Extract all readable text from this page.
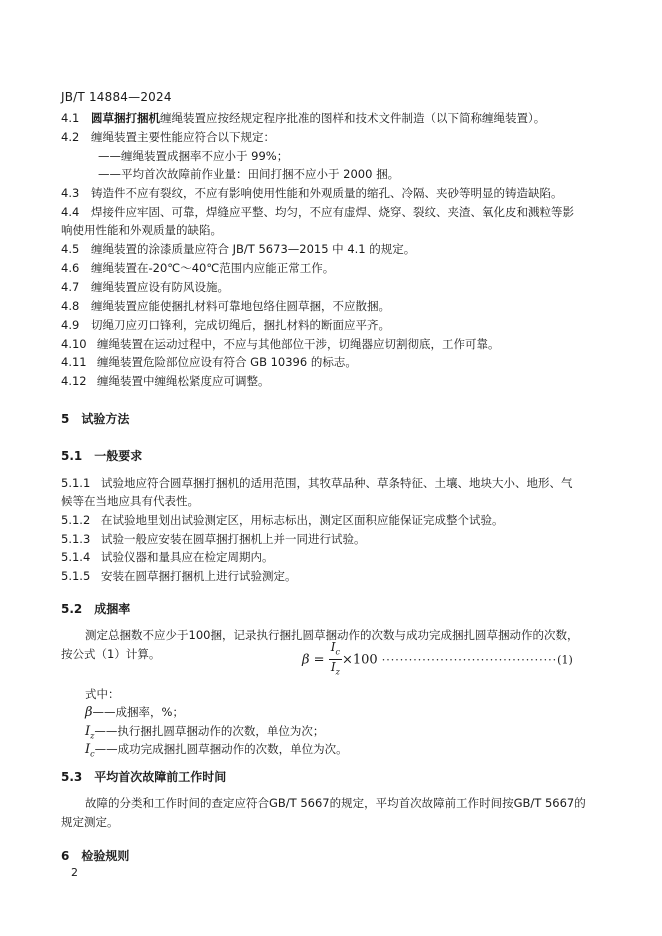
JB/T 14884—2024
4.1 圆草捆打捆机缠绳装置应按经规定程序批准的图样和技术文件制造（以下简称缠绳装置）。
4.2 缠绳装置主要性能应符合以下规定：
——缠绳装置成捆率不应小于 99%；
——平均首次故障前作业量：田间打捆不应小于 2000 捆。
4.3 铸造件不应有裂纹，不应有影响使用性能和外观质量的缩孔、冷隔、夹砂等明显的铸造缺陷。
4.4 焊接件应牢固、可靠，焊缝应平整、均匀，不应有虚焊、烧穿、裂纹、夹渣、氧化皮和溅粒等影
响使用性能和外观质量的缺陷。
4.5 缠绳装置的涂漆质量应符合 JB/T 5673—2015 中 4.1 的规定。
4.6 缠绳装置在-20℃～40℃范围内应能正常工作。
4.7 缠绳装置应设有防风设施。
4.8 缠绳装置应能使捆扎材料可靠地包络住圆草捆，不应散捆。
4.9 切绳刀应刃口锋利，完成切绳后，捆扎材料的断面应平齐。
4.10 缠绳装置在运动过程中，不应与其他部位干涉，切绳器应切割彻底，工作可靠。
4.11 缠绳装置危险部位应设有符合 GB 10396 的标志。
4.12 缠绳装置中缠绳松紧度应可调整。
5　试验方法
5.1　一般要求
5.1.1 试验地应符合圆草捆打捆机的适用范围，其牧草品种、草条特征、土壤、地块大小、地形、气
候等在当地应具有代表性。
5.1.2 在试验地里划出试验测定区，用标志标出，测定区面积应能保证完成整个试验。
5.1.3 试验一般应安装在圆草捆打捆机上并一同进行试验。
5.1.4 试验仪器和量具应在检定周期内。
5.1.5 安装在圆草捆打捆机上进行试验测定。
5.2　成捆率
测定总捆数不应少于100捆，记录执行捆扎圆草捆动作的次数与成功完成捆扎圆草捆动作的次数，
按公式（1）计算。	$\beta = \frac{I_c}{I_z} \times 100 \cdot\cdot\cdot\cdot\cdot\cdot\cdot\cdot\cdot\cdot\cdot\cdot\cdot\cdot\cdot\cdot\cdot\cdot\cdot\cdot\cdot\cdot\cdot\cdot\cdot\cdot\cdot\cdot\cdot\cdot\cdot\cdot\cdot\cdot\cdot\cdot\cdot\cdot\cdot(1)$
式中：
β——成捆率，%；
$I_z——$执行捆扎圆草捆动作的次数，单位为次；
$I_c——$成功完成捆扎圆草捆动作的次数，单位为次。
5.3　平均首次故障前工作时间
故障的分类和工作时间的查定应符合GB/T 5667的规定，平均首次故障前工作时间按GB/T 5667的
规定测定。
6　检验规则
2
